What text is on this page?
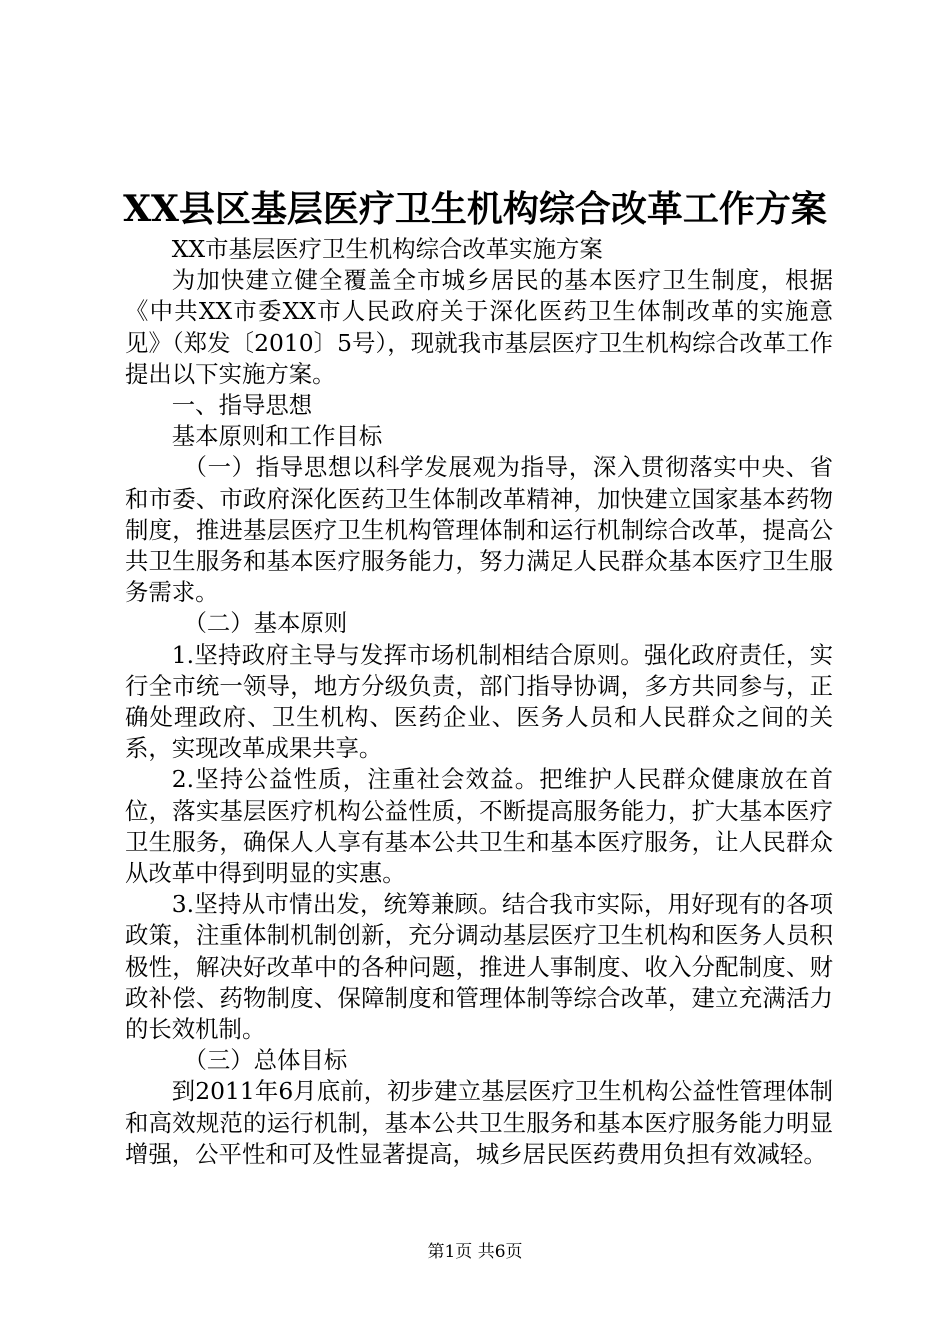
XX县区基层医疗卫生机构综合改革工作方案

XX市基层医疗卫生机构综合改革实施方案

为加快建立健全覆盖全市城乡居民的基本医疗卫生制度，根据《中共XX市委XX市人民政府关于深化医药卫生体制改革的实施意见》（郑发〔2010〕5号），现就我市基层医疗卫生机构综合改革工作提出以下实施方案。

一、指导思想

基本原则和工作目标

（一）指导思想以科学发展观为指导，深入贯彻落实中央、省和市委、市政府深化医药卫生体制改革精神，加快建立国家基本药物制度，推进基层医疗卫生机构管理体制和运行机制综合改革，提高公共卫生服务和基本医疗服务能力，努力满足人民群众基本医疗卫生服务需求。

（二）基本原则

1.坚持政府主导与发挥市场机制相结合原则。强化政府责任，实行全市统一领导，地方分级负责，部门指导协调，多方共同参与，正确处理政府、卫生机构、医药企业、医务人员和人民群众之间的关系，实现改革成果共享。

2.坚持公益性质，注重社会效益。把维护人民群众健康放在首位，落实基层医疗机构公益性质，不断提高服务能力，扩大基本医疗卫生服务，确保人人享有基本公共卫生和基本医疗服务，让人民群众从改革中得到明显的实惠。

3.坚持从市情出发，统筹兼顾。结合我市实际，用好现有的各项政策，注重体制机制创新，充分调动基层医疗卫生机构和医务人员积极性，解决好改革中的各种问题，推进人事制度、收入分配制度、财政补偿、药物制度、保障制度和管理体制等综合改革，建立充满活力的长效机制。

（三）总体目标

到2011年6月底前，初步建立基层医疗卫生机构公益性管理体制和高效规范的运行机制，基本公共卫生服务和基本医疗服务能力明显增强，公平性和可及性显著提高，城乡居民医药费用负担有效减轻。

第1页 共6页
